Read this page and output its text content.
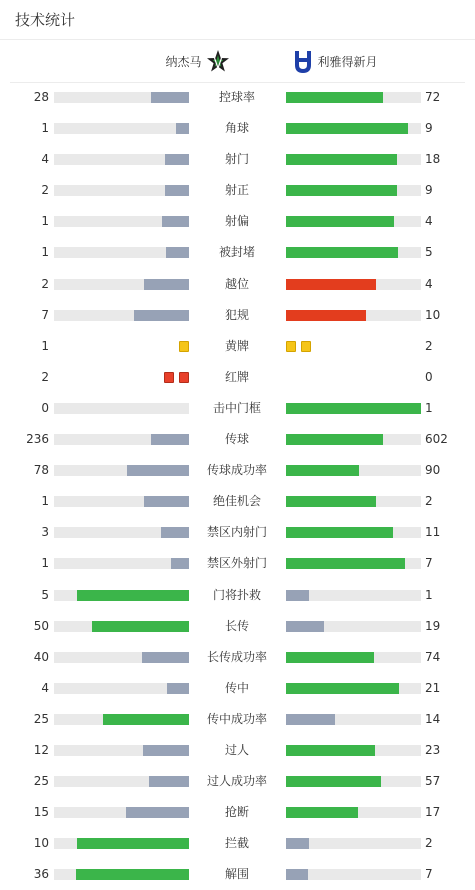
技术统计
纳杰马	利雅得新月
28	控球率	72
1	角球	9
4	射门	18
2	射正	9
1	射偏	4
1	被封堵	5
2	越位	4
7	犯规	10
1	黄牌	2
2	红牌	0
0	击中门框	1
236	传球	602
78	传球成功率	90
1	绝佳机会	2
3	禁区内射门	11
1	禁区外射门	7
5	门将扑救	1
50	长传	19
40	长传成功率	74
4	传中	21
25	传中成功率	14
12	过人	23
25	过人成功率	57
15	抢断	17
10	拦截	2
36	解围	7
